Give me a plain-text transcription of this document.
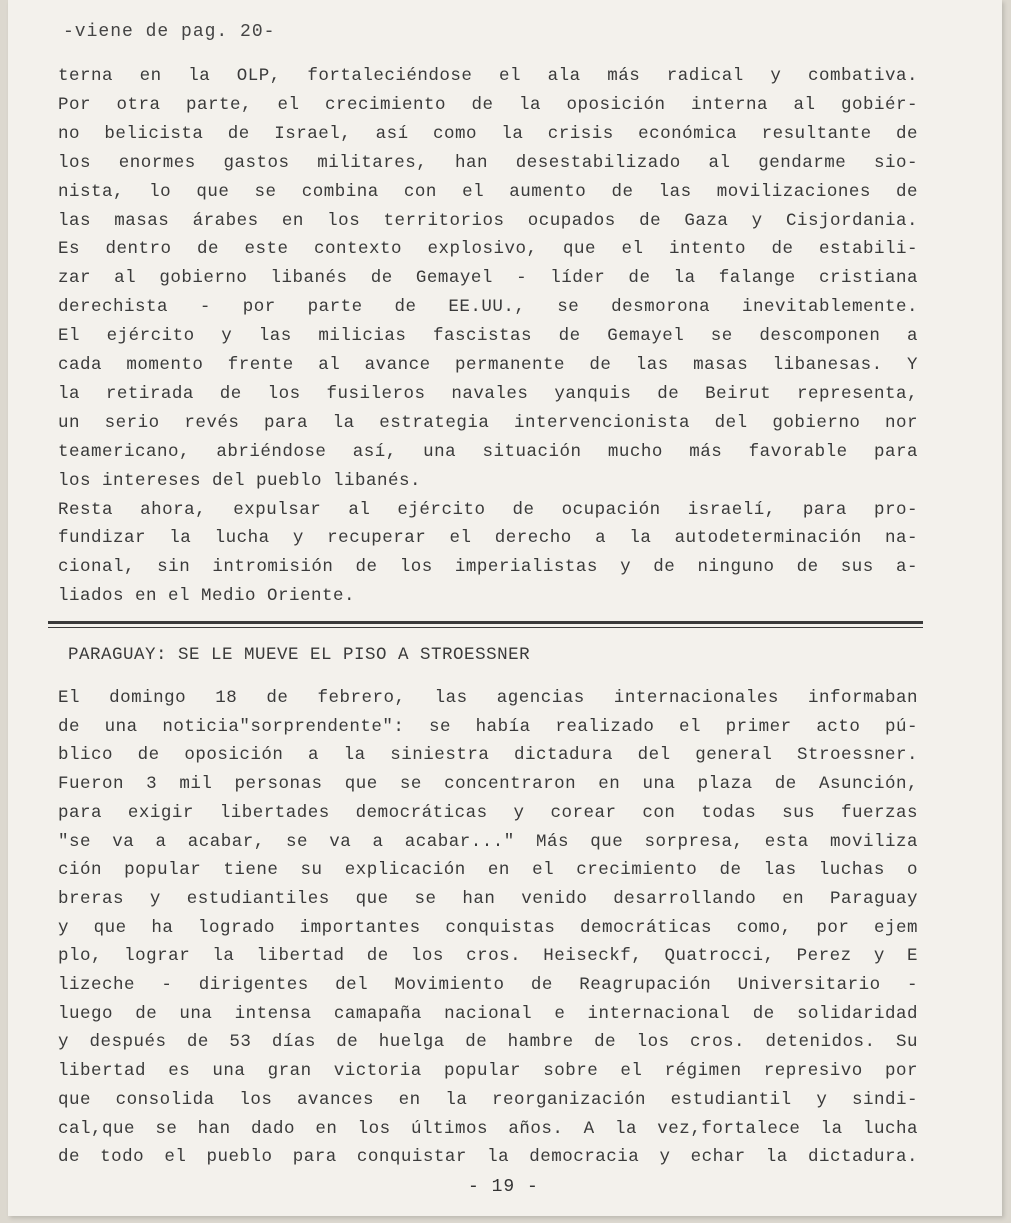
-viene de pag. 20-
terna en la OLP, fortaleciéndose el ala más radical y combativa.
Por otra parte, el crecimiento de la oposición interna al gobiér-
no belicista de Israel, así como la crisis económica resultante de
los enormes gastos militares, han desestabilizado al gendarme sio-
nista, lo que se combina con el aumento de las movilizaciones de
las masas árabes en los territorios ocupados de Gaza y Cisjordania.
Es dentro de este contexto explosivo, que el intento de estabili-
zar al gobierno libanés de Gemayel - líder de la falange cristiana
derechista - por parte de EE.UU., se desmorona inevitablemente.
El ejército y las milicias fascistas de Gemayel se descomponen a
cada momento frente al avance permanente de las masas libanesas. Y
la retirada de los fusileros navales yanquis de Beirut representa,
un serio revés para la estrategia intervencionista del gobierno nor
teamericano, abriéndose así, una situación mucho más favorable para
los intereses del pueblo libanés.
Resta ahora, expulsar al ejército de ocupación israelí, para pro-
fundizar la lucha y recuperar el derecho a la autodeterminación na-
cional, sin intromisión de los imperialistas y de ninguno de sus a-
liados en el Medio Oriente.
PARAGUAY: SE LE MUEVE EL PISO A STROESSNER
El domingo 18 de febrero, las agencias internacionales informaban
de una noticia"sorprendente": se había realizado el primer acto pú-
blico de oposición a la siniestra dictadura del general Stroessner.
Fueron 3 mil personas que se concentraron en una plaza de Asunción,
para exigir libertades democráticas y corear con todas sus fuerzas
"se va a acabar, se va a acabar..." Más que sorpresa, esta moviliza
ción popular tiene su explicación en el crecimiento de las luchas o
breras y estudiantiles que se han venido desarrollando en Paraguay
y que ha logrado importantes conquistas democráticas como, por ejem
plo, lograr la libertad de los cros. Heiseckf, Quatrocci, Perez y E
lizeche - dirigentes del Movimiento de Reagrupación Universitario -
luego de una intensa camapaña nacional e internacional de solidaridad
y después de 53 días de huelga de hambre de los cros. detenidos. Su
libertad es una gran victoria popular sobre el régimen represivo por
que consolida los avances en la reorganización estudiantil y sindi-
cal,que se han dado en los últimos años. A la vez,fortalece la lucha
de todo el pueblo para conquistar la democracia y echar la dictadura.
- 19 -
